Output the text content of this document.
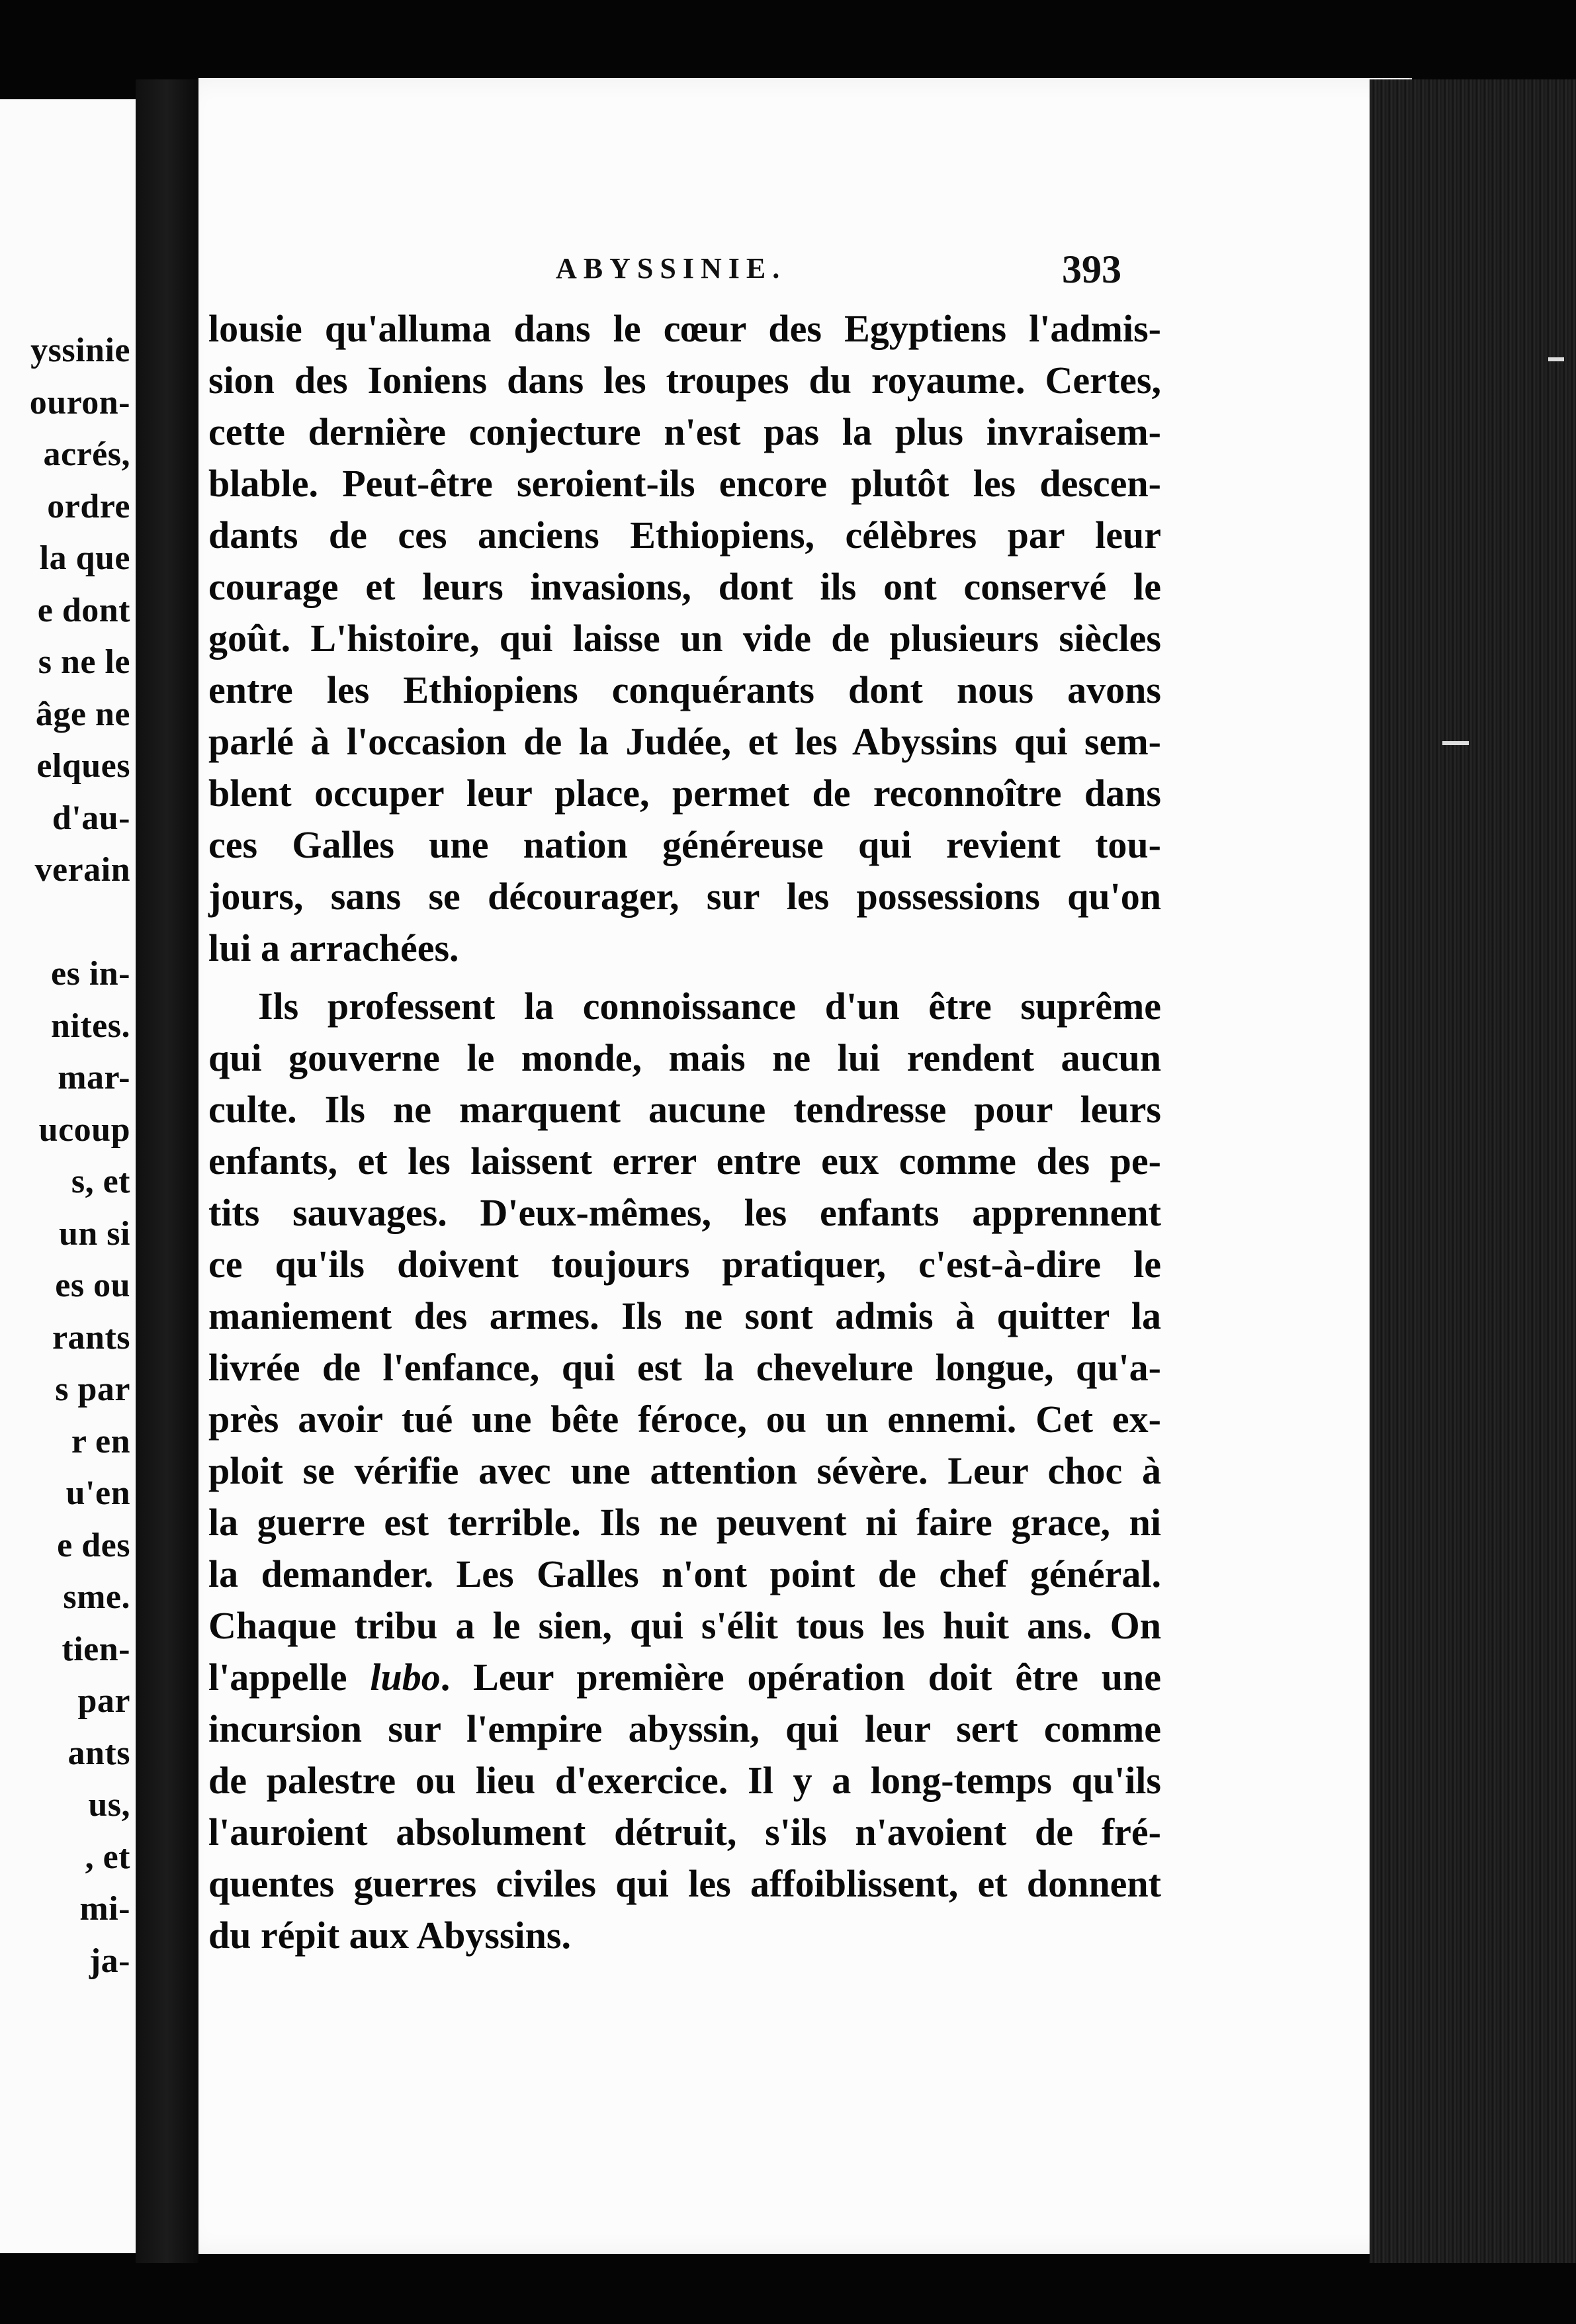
yssinie
ouron-
acrés,
ordre
la que
e dont
s ne le
âge ne
elques
d'au-
verain
es in-
nites.
mar-
ucoup
s, et
un si
es ou
rants
s par
r en
u'en
e des
sme.
tien-
par
ants
us,
, et
mi-
ja-
ABYSSINIE.	393
lousie qu'alluma dans le cœur des Egyptiens l'admis-
sion des Ioniens dans les troupes du royaume. Certes,
cette dernière conjecture n'est pas la plus invraisem-
blable. Peut-être seroient-ils encore plutôt les descen-
dants de ces anciens Ethiopiens, célèbres par leur
courage et leurs invasions, dont ils ont conservé le
goût. L'histoire, qui laisse un vide de plusieurs siècles
entre les Ethiopiens conquérants dont nous avons
parlé à l'occasion de la Judée, et les Abyssins qui sem-
blent occuper leur place, permet de reconnoître dans
ces Galles une nation généreuse qui revient tou-
jours, sans se décourager, sur les possessions qu'on
lui a arrachées.
Ils professent la connoissance d'un être suprême
qui gouverne le monde, mais ne lui rendent aucun
culte. Ils ne marquent aucune tendresse pour leurs
enfants, et les laissent errer entre eux comme des pe-
tits sauvages. D'eux-mêmes, les enfants apprennent
ce qu'ils doivent toujours pratiquer, c'est-à-dire le
maniement des armes. Ils ne sont admis à quitter la
livrée de l'enfance, qui est la chevelure longue, qu'a-
près avoir tué une bête féroce, ou un ennemi. Cet ex-
ploit se vérifie avec une attention sévère. Leur choc à
la guerre est terrible. Ils ne peuvent ni faire grace, ni
la demander. Les Galles n'ont point de chef général.
Chaque tribu a le sien, qui s'élit tous les huit ans. On
l'appelle lubo. Leur première opération doit être une
incursion sur l'empire abyssin, qui leur sert comme
de palestre ou lieu d'exercice. Il y a long-temps qu'ils
l'auroient absolument détruit, s'ils n'avoient de fré-
quentes guerres civiles qui les affoiblissent, et donnent
du répit aux Abyssins.
